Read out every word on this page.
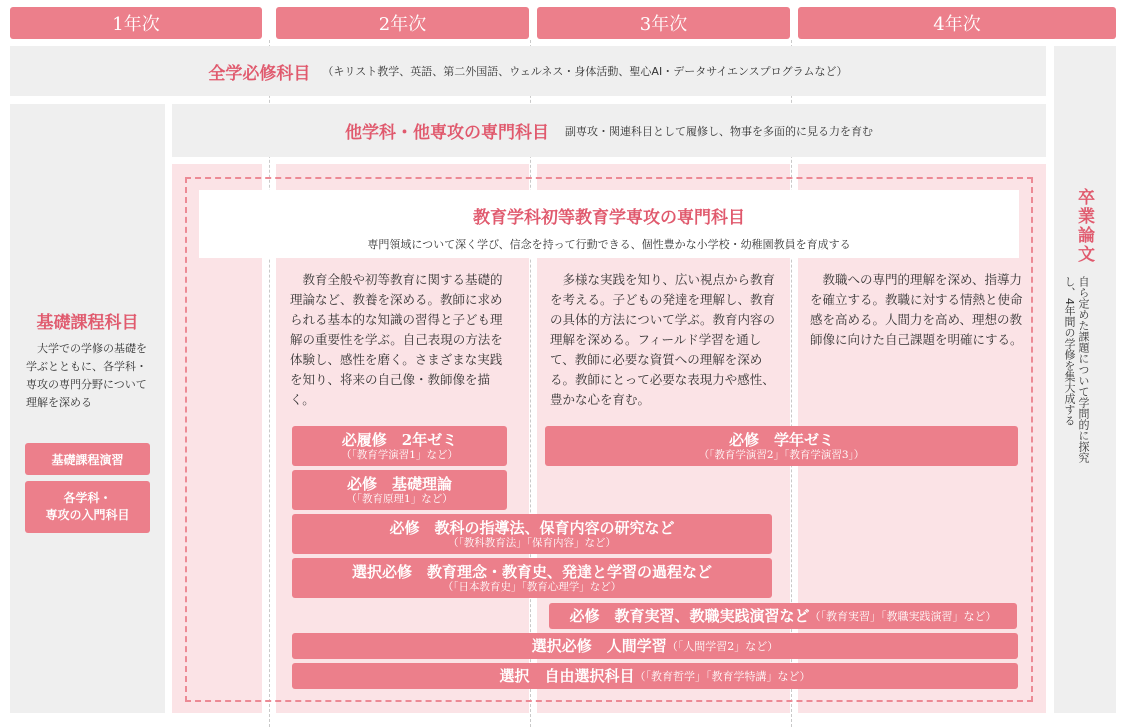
1年次	2年次	3年次	4年次
全学必修科目 （キリスト教学、英語、第二外国語、ウェルネス・身体活動、聖心AI・データサイエンスプログラムなど）
基礎課程科目
大学での学修の基礎を学ぶとともに、各学科・専攻の専門分野について理解を深める
基礎課程演習
各学科・
専攻の入門科目
他学科・他専攻の専門科目 副専攻・関連科目として履修し、物事を多面的に見る力を育む
卒業論文
自ら定めた課題について学問的に探究し、4年間の学修を集大成する
教育学科初等教育学専攻の専門科目
専門領域について深く学び、信念を持って行動できる、個性豊かな小学校・幼稚園教員を育成する
教育全般や初等教育に関する基礎的理論など、教養を深める。教師に求められる基本的な知識の習得と子ども理解の重要性を学ぶ。自己表現の方法を体験し、感性を磨く。さまざまな実践を知り、将来の自己像・教師像を描く。
多様な実践を知り、広い視点から教育を考える。子どもの発達を理解し、教育の具体的方法について学ぶ。教育内容の理解を深める。フィールド学習を通して、教師に必要な資質への理解を深める。教師にとって必要な表現力や感性、豊かな心を育む。
教職への専門的理解を深め、指導力を確立する。教職に対する情熱と使命感を高める。人間力を高め、理想の教師像に向けた自己課題を明確にする。
必履修　2年ゼミ
（「教育学演習1」など）
必修　基礎理論
（「教育原理1」など）
必修　学年ゼミ
（「教育学演習2」「教育学演習3」）
必修　教科の指導法、保育内容の研究など
（「教科教育法」「保育内容」など）
選択必修　教育理念・教育史、発達と学習の過程など
（「日本教育史」「教育心理学」など）
必修　教育実習、教職実践演習など （「教育実習」「教職実践演習」など）
選択必修　人間学習 （「人間学習2」など）
選択　自由選択科目 （「教育哲学」「教育学特講」など）
